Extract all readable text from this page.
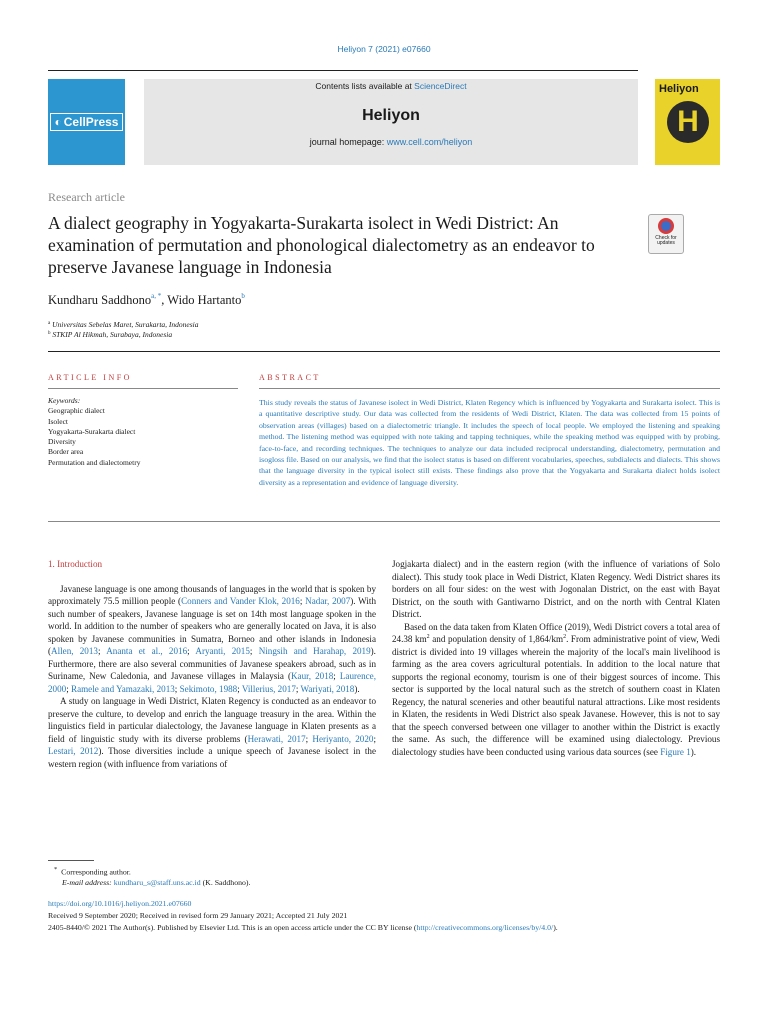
Heliyon 7 (2021) e07660
◐ CellPress
Contents lists available at ScienceDirect
Heliyon
journal homepage: www.cell.com/heliyon
Heliyon
H
Research article
A dialect geography in Yogyakarta-Surakarta isolect in Wedi District: An examination of permutation and phonological dialectometry as an endeavor to preserve Javanese language in Indonesia
Check for updates
Kundharu Saddhono$^{a, *}$, Wido Hartanto$^b$
$^a$ Universitas Sebelas Maret, Surakarta, Indonesia
$^b$ STKIP Al Hikmah, Surabaya, Indonesia
ARTICLE INFO	ABSTRACT
Keywords:
Geographic dialect
Isolect
Yogyakarta-Surakarta dialect
Diversity
Border area
Permutation and dialectometry
This study reveals the status of Javanese isolect in Wedi District, Klaten Regency which is influenced by Yogyakarta and Surakarta isolect. This is a quantitative descriptive study. Our data was collected from the residents of Wedi District, Klaten. The data was collected from 15 points of observation areas (villages) based on a dialectometric triangle. It includes the speech of local people. We employed the listening and speaking method. The listening method was equipped with note taking and tapping techniques, while the speaking method was equipped with by probing, face-to-face, and recording techniques. The techniques to analyze our data included reciprocal understanding, dialectometry, permutation and isogloss file. Based on our analysis, we find that the isolect status is based on different vocabularies, speeches, subdialects and dialects. This shows that the language diversity in the typical isolect still exists. These findings also prove that the Yogyakarta and Surakarta dialect holds isolect diversity as a representation and evidence of language diversity.
1. Introduction

Javanese language is one among thousands of languages in the world that is spoken by approximately 75.5 million people (Conners and Vander Klok, 2016; Nadar, 2007). With such number of speakers, Javanese language is set on 14th most language spoken in the world. In addition to the number of speakers who are generally located on Java, it is also spoken by Javanese communities in Sumatra, Borneo and other islands in Indonesia (Allen, 2013; Ananta et al., 2016; Aryanti, 2015; Ningsih and Harahap, 2019). Furthermore, there are also several communities of Javanese speakers abroad, such as in Suriname, New Caledonia, and Javanese villages in Malaysia (Kaur, 2018; Laurence, 2000; Ramele and Yamazaki, 2013; Sekimoto, 1988; Villerius, 2017; Wariyati, 2018).

A study on language in Wedi District, Klaten Regency is conducted as an endeavor to preserve the culture, to develop and enrich the language treasury in the area. Within the linguistics field in particular dialectology, the Javanese language in Klaten presents as a field of linguistic study with its diverse problems (Herawati, 2017; Heriyanto, 2020; Lestari, 2012). Those diversities include a unique speech of Javanese isolect in the western region (with influence from variations of

Jogjakarta dialect) and in the eastern region (with the influence of variations of Solo dialect). This study took place in Wedi District, Klaten Regency. Wedi District shares its borders on all four sides: on the west with Jogonalan District, on the east with Bayat District, on the south with Gantiwarno District, and on the north with Central Klaten District.

Based on the data taken from Klaten Office (2019), Wedi District covers a total area of 24.38 $km^2$ and population density of $1,864/km^2$. From administrative point of view, Wedi district is divided into 19 villages wherein the majority of the local's main livelihood is farming as the area covers agricultural potentials. In addition to the local nature that supports the regional economy, tourism is one of their biggest sources of income. This sector is supported by the local natural such as the stretch of southern coast in Klaten Regency, the natural sceneries and other beautiful natural attractions. Like most residents in Klaten, the residents in Wedi District also speak Javanese. However, this is not to say that the speech conversed between one villager to another within the District is exactly the same. As such, the difference will be examined using dialectology. Previous dialectology studies have been conducted using various data sources (see Figure 1).

* Corresponding author.
E-mail address: kundharu_s@staff.uns.ac.id (K. Saddhono).
https://doi.org/10.1016/j.heliyon.2021.e07660
Received 9 September 2020; Received in revised form 29 January 2021; Accepted 21 July 2021
2405-8440/© 2021 The Author(s). Published by Elsevier Ltd. This is an open access article under the CC BY license (http://creativecommons.org/licenses/by/4.0/).
